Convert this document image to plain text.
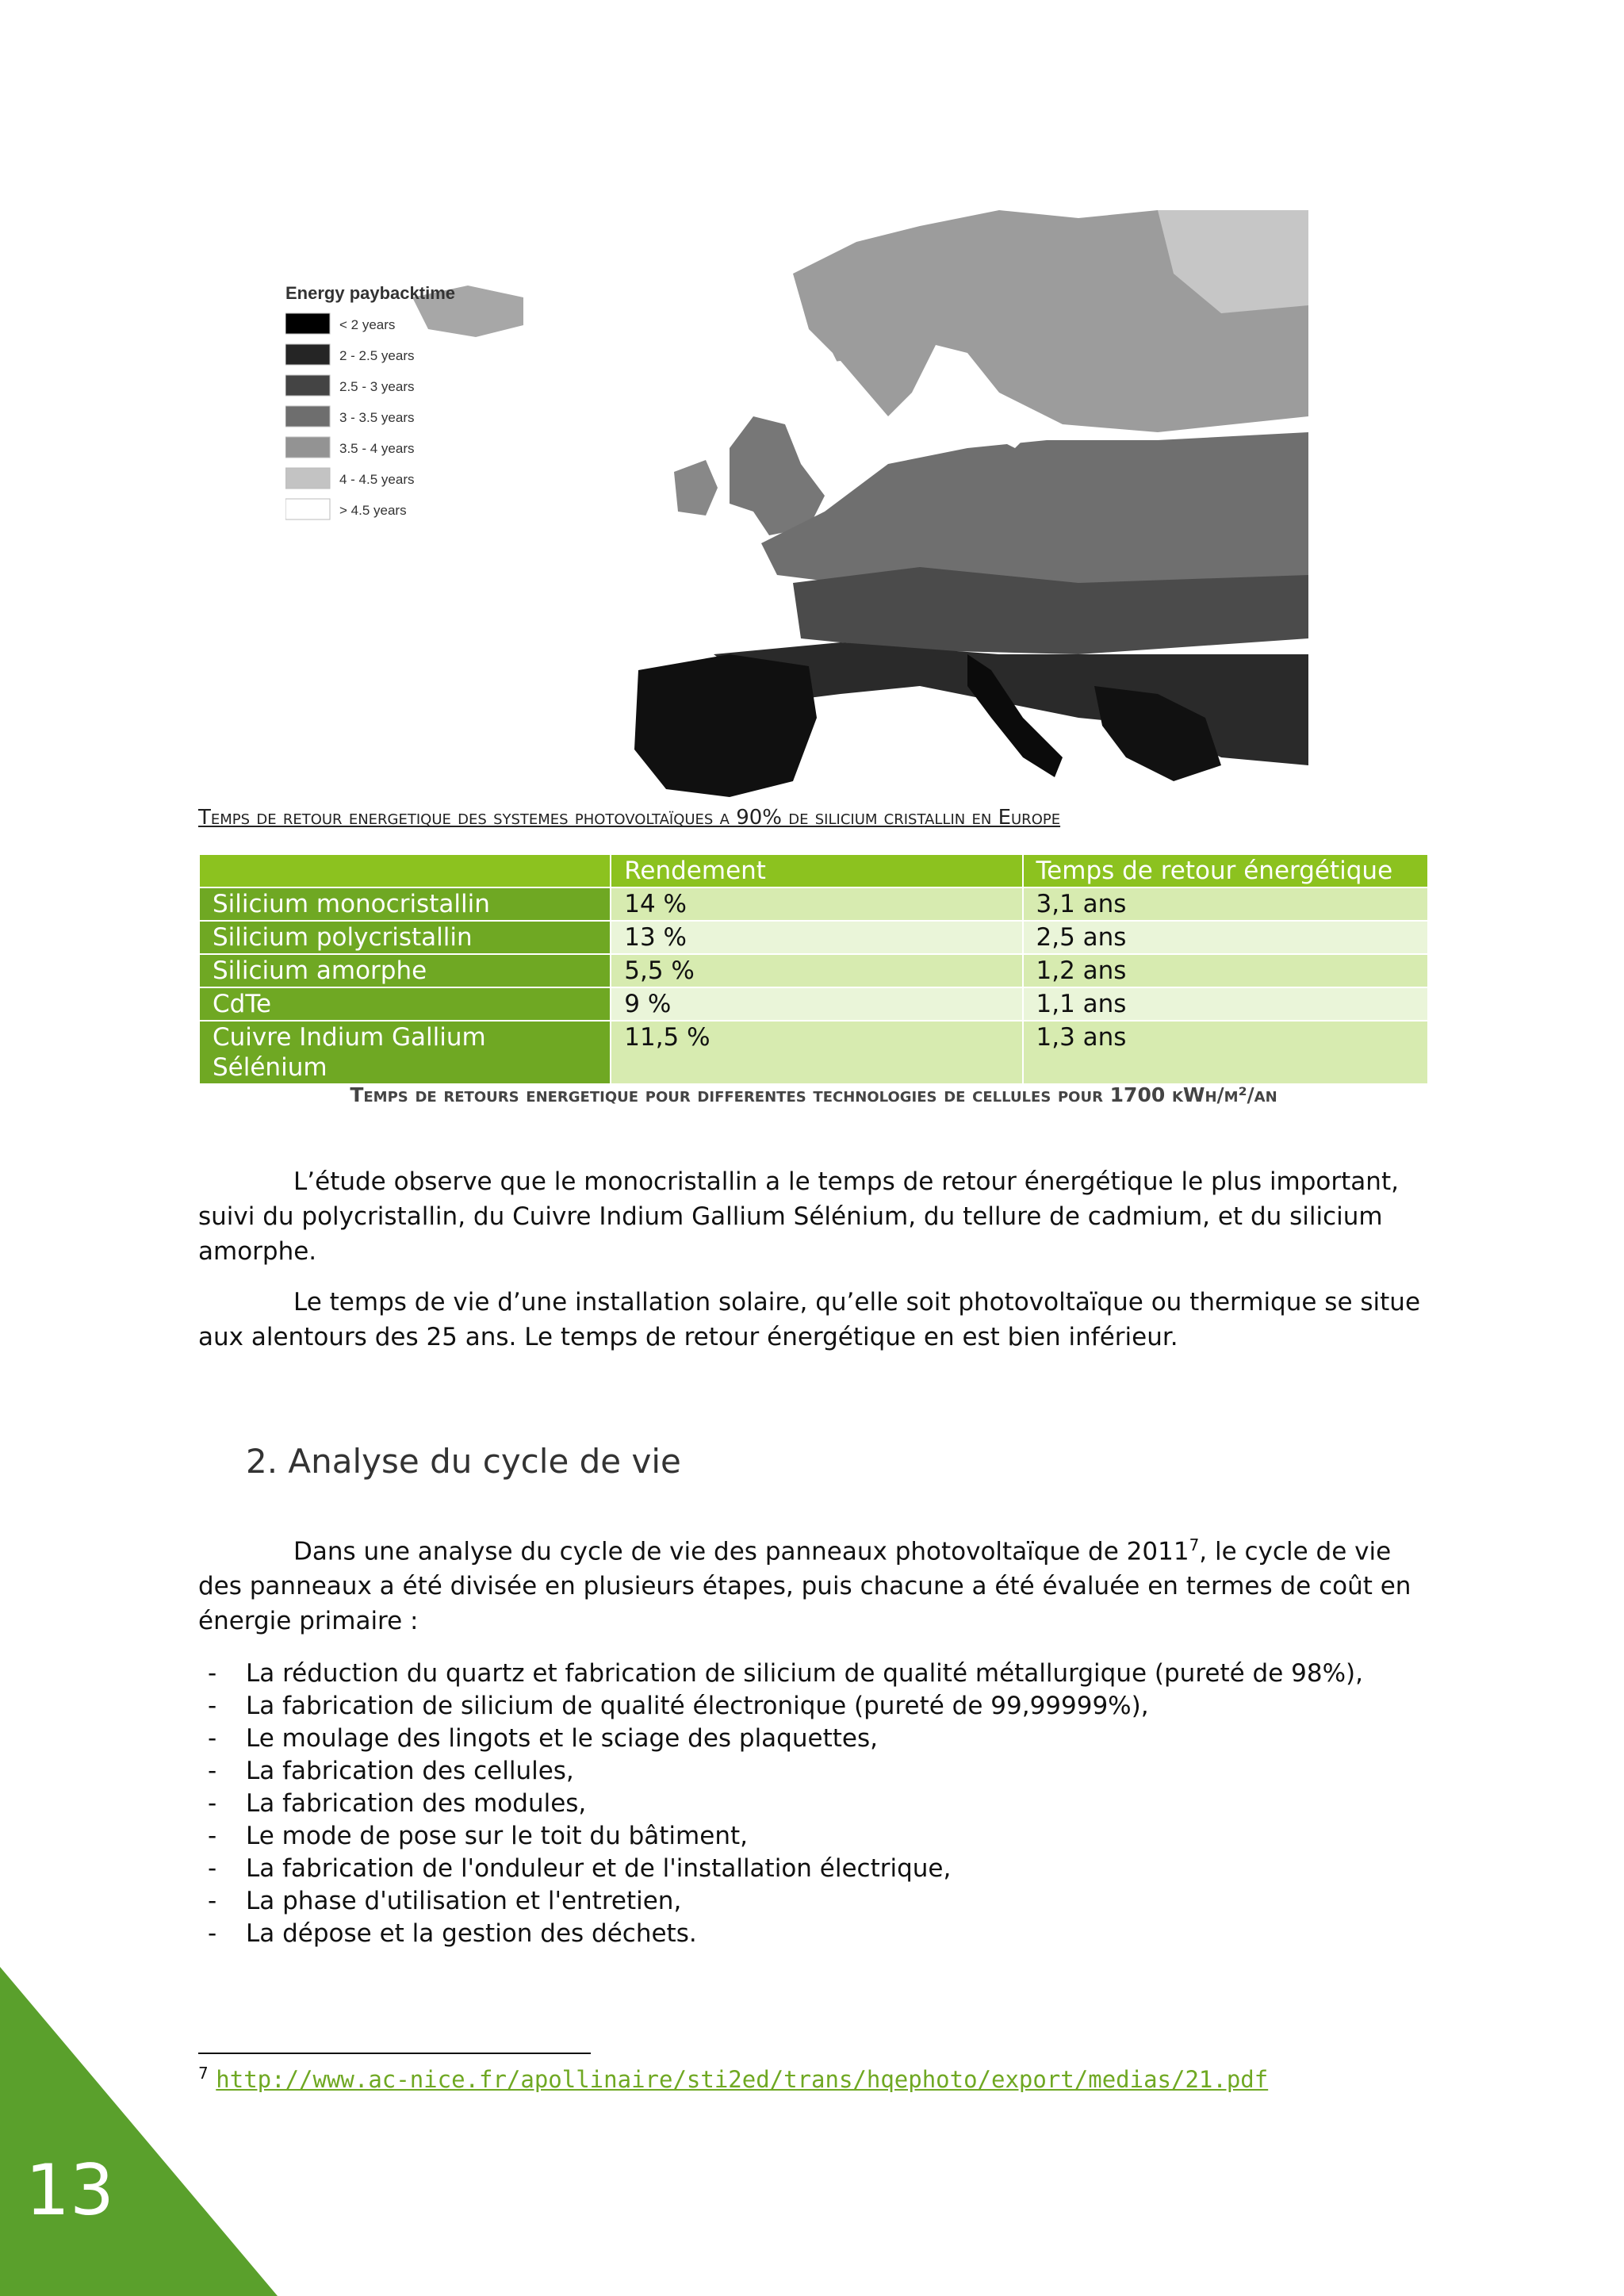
Energy paybacktime
< 2 years
2 - 2.5 years
2.5 - 3 years
3 - 3.5 years
3.5 - 4 years
4 - 4.5 years
> 4.5 years
Temps de retour energetique des systemes photovoltaïques a 90% de silicium cristallin en Europe
	Rendement	Temps de retour énergétique
Silicium monocristallin	14 %	3,1 ans
Silicium polycristallin	13 %	2,5 ans
Silicium amorphe	5,5 %	1,2 ans
CdTe	9 %	1,1 ans
Cuivre Indium Gallium Sélénium	11,5 %	1,3 ans
Temps de retours energetique pour differentes technologies de cellules pour 1700 kWh/m²/an

L’étude observe que le monocristallin a le temps de retour énergétique le plus important, suivi du polycristallin, du Cuivre Indium Gallium Sélénium, du tellure de cadmium, et du silicium amorphe.

Le temps de vie d’une installation solaire, qu’elle soit photovoltaïque ou thermique se situe aux alentours des 25 ans. Le temps de retour énergétique en est bien inférieur.

2. Analyse du cycle de vie

Dans une analyse du cycle de vie des panneaux photovoltaïque de 2011$^7$, le cycle de vie des panneaux a été divisée en plusieurs étapes, puis chacune a été évaluée en termes de coût en énergie primaire :

- La réduction du quartz et fabrication de silicium de qualité métallurgique (pureté de 98%),
- La fabrication de silicium de qualité électronique (pureté de 99,99999%),
- Le moulage des lingots et le sciage des plaquettes,
- La fabrication des cellules,
- La fabrication des modules,
- Le mode de pose sur le toit du bâtiment,
- La fabrication de l'onduleur et de l'installation électrique,
- La phase d'utilisation et l'entretien,
- La dépose et la gestion des déchets.
$^7$ http://www.ac-nice.fr/apollinaire/sti2ed/trans/hqephoto/export/medias/21.pdf
13
